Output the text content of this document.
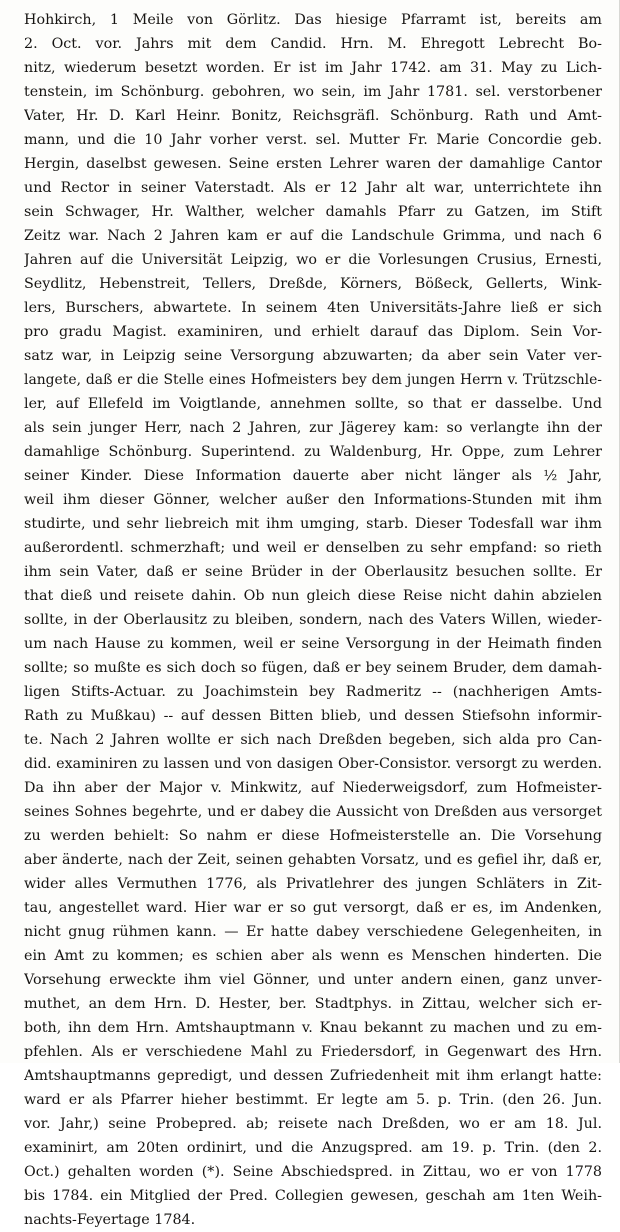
Hohkirch, 1 Meile von Görlitz. Das hiesige Pfarramt ist, bereits am
2. Oct. vor. Jahrs mit dem Candid. Hrn. M. Ehregott Lebrecht Bo-
nitz, wiederum besetzt worden. Er ist im Jahr 1742. am 31. May zu Lich-
tenstein, im Schönburg. gebohren, wo sein, im Jahr 1781. sel. verstorbener
Vater, Hr. D. Karl Heinr. Bonitz, Reichsgräfl. Schönburg. Rath und Amt-
mann, und die 10 Jahr vorher verst. sel. Mutter Fr. Marie Concordie geb.
Hergin, daselbst gewesen. Seine ersten Lehrer waren der damahlige Cantor
und Rector in seiner Vaterstadt. Als er 12 Jahr alt war, unterrichtete ihn
sein Schwager, Hr. Walther, welcher damahls Pfarr zu Gatzen, im Stift
Zeitz war. Nach 2 Jahren kam er auf die Landschule Grimma, und nach 6
Jahren auf die Universität Leipzig, wo er die Vorlesungen Crusius, Ernesti,
Seydlitz, Hebenstreit, Tellers, Dreßde, Körners, Bößeck, Gellerts, Wink-
lers, Burschers, abwartete. In seinem 4ten Universitäts-Jahre ließ er sich
pro gradu Magist. examiniren, und erhielt darauf das Diplom. Sein Vor-
satz war, in Leipzig seine Versorgung abzuwarten; da aber sein Vater ver-
langete, daß er die Stelle eines Hofmeisters bey dem jungen Herrn v. Trützschle-
ler, auf Ellefeld im Voigtlande, annehmen sollte, so that er dasselbe. Und
als sein junger Herr, nach 2 Jahren, zur Jägerey kam: so verlangte ihn der
damahlige Schönburg. Superintend. zu Waldenburg, Hr. Oppe, zum Lehrer
seiner Kinder. Diese Information dauerte aber nicht länger als ½ Jahr,
weil ihm dieser Gönner, welcher außer den Informations-Stunden mit ihm
studirte, und sehr liebreich mit ihm umging, starb. Dieser Todesfall war ihm
außerordentl. schmerzhaft; und weil er denselben zu sehr empfand: so rieth
ihm sein Vater, daß er seine Brüder in der Oberlausitz besuchen sollte. Er
that dieß und reisete dahin. Ob nun gleich diese Reise nicht dahin abzielen
sollte, in der Oberlausitz zu bleiben, sondern, nach des Vaters Willen, wieder-
um nach Hause zu kommen, weil er seine Versorgung in der Heimath finden
sollte; so mußte es sich doch so fügen, daß er bey seinem Bruder, dem damah-
ligen Stifts-Actuar. zu Joachimstein bey Radmeritz -- (nachherigen Amts-
Rath zu Mußkau) -- auf dessen Bitten blieb, und dessen Stiefsohn informir-
te. Nach 2 Jahren wollte er sich nach Dreßden begeben, sich alda pro Can-
did. examiniren zu lassen und von dasigen Ober-Consistor. versorgt zu werden.
Da ihn aber der Major v. Minkwitz, auf Niederweigsdorf, zum Hofmeister-
seines Sohnes begehrte, und er dabey die Aussicht von Dreßden aus versorget
zu werden behielt: So nahm er diese Hofmeisterstelle an. Die Vorsehung
aber änderte, nach der Zeit, seinen gehabten Vorsatz, und es gefiel ihr, daß er,
wider alles Vermuthen 1776, als Privatlehrer des jungen Schläters in Zit-
tau, angestellet ward. Hier war er so gut versorgt, daß er es, im Andenken,
nicht gnug rühmen kann. — Er hatte dabey verschiedene Gelegenheiten, in
ein Amt zu kommen; es schien aber als wenn es Menschen hinderten. Die
Vorsehung erweckte ihm viel Gönner, und unter andern einen, ganz unver-
muthet, an dem Hrn. D. Hester, ber. Stadtphys. in Zittau, welcher sich er-
both, ihn dem Hrn. Amtshauptmann v. Knau bekannt zu machen und zu em-
pfehlen. Als er verschiedene Mahl zu Friedersdorf, in Gegenwart des Hrn.
Amtshauptmanns gepredigt, und dessen Zufriedenheit mit ihm erlangt hatte:
ward er als Pfarrer hieher bestimmt. Er legte am 5. p. Trin. (den 26. Jun.
vor. Jahr,) seine Probepred. ab; reisete nach Dreßden, wo er am 18. Jul.
examinirt, am 20ten ordinirt, und die Anzugspred. am 19. p. Trin. (den 2.
Oct.) gehalten worden (*). Seine Abschiedspred. in Zittau, wo er von 1778
bis 1784. ein Mitglied der Pred. Collegien gewesen, geschah am 1ten Weih-
nachts-Feyertage 1784.
